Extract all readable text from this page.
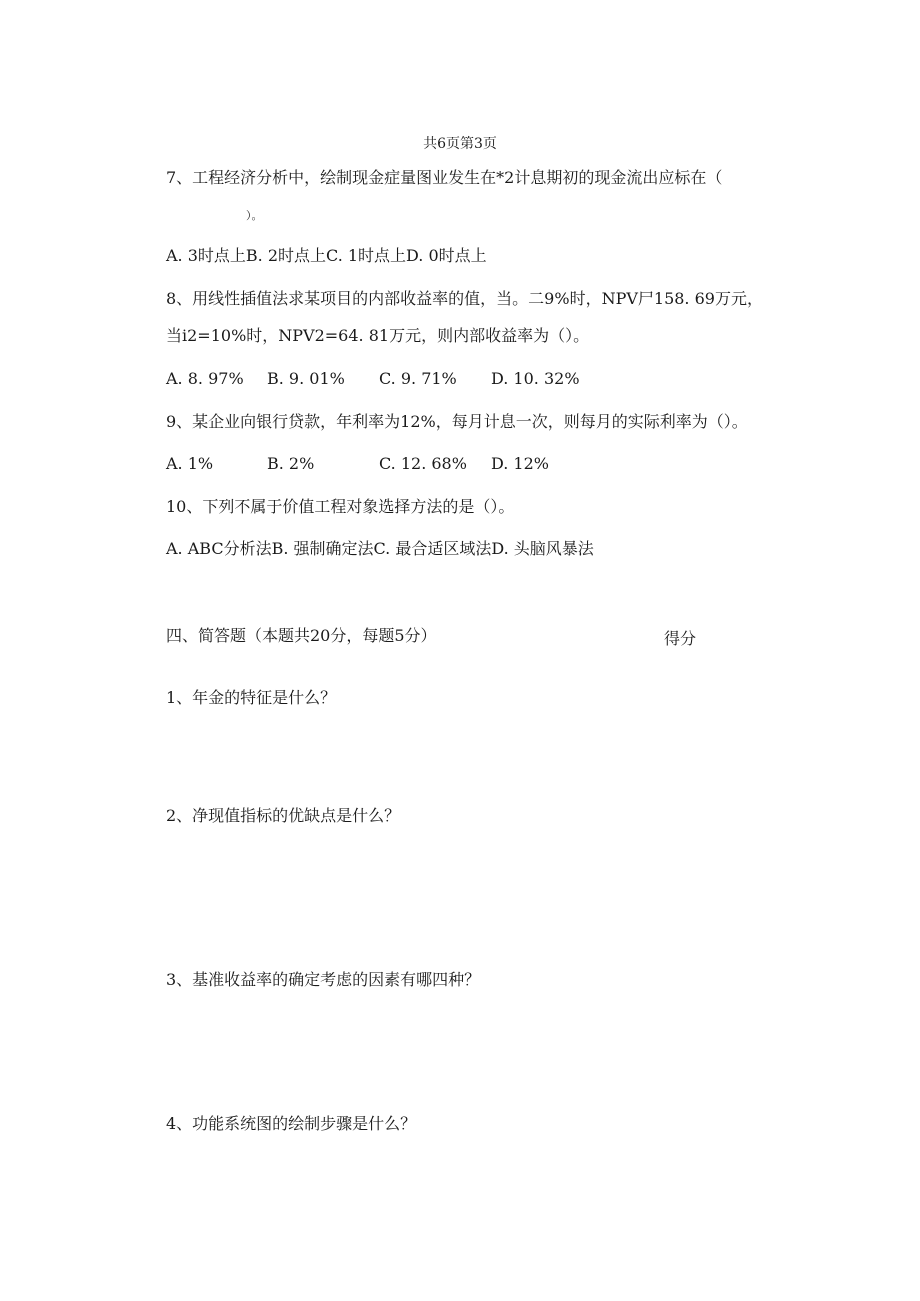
共6页第3页
7、工程经济分析中，绘制现金症量图业发生在*2计息期初的现金流出应标在（
）。
A. 3时点上B. 2时点上C. 1时点上D. 0时点上
8、用线性插值法求某项目的内部收益率的值，当。二9%时，NPV尸158. 69万元，
当i2=10%时，NPV2=64. 81万元，则内部收益率为（）。
A. 8. 97% B. 9. 01% C. 9. 71% D. 10. 32%
9、某企业向银行贷款，年利率为12%，每月计息一次，则每月的实际利率为（）。
A. 1%	B. 2%	C. 12. 68% D. 12%
10、下列不属于价值工程对象选择方法的是（）。
A. ABC分析法B. 强制确定法C. 最合适区域法D. 头脑风暴法
四、简答题（本题共20分，每题5分）	得分
1、年金的特征是什么？
2、净现值指标的优缺点是什么？
3、基准收益率的确定考虑的因素有哪四种？
4、功能系统图的绘制步骤是什么？
